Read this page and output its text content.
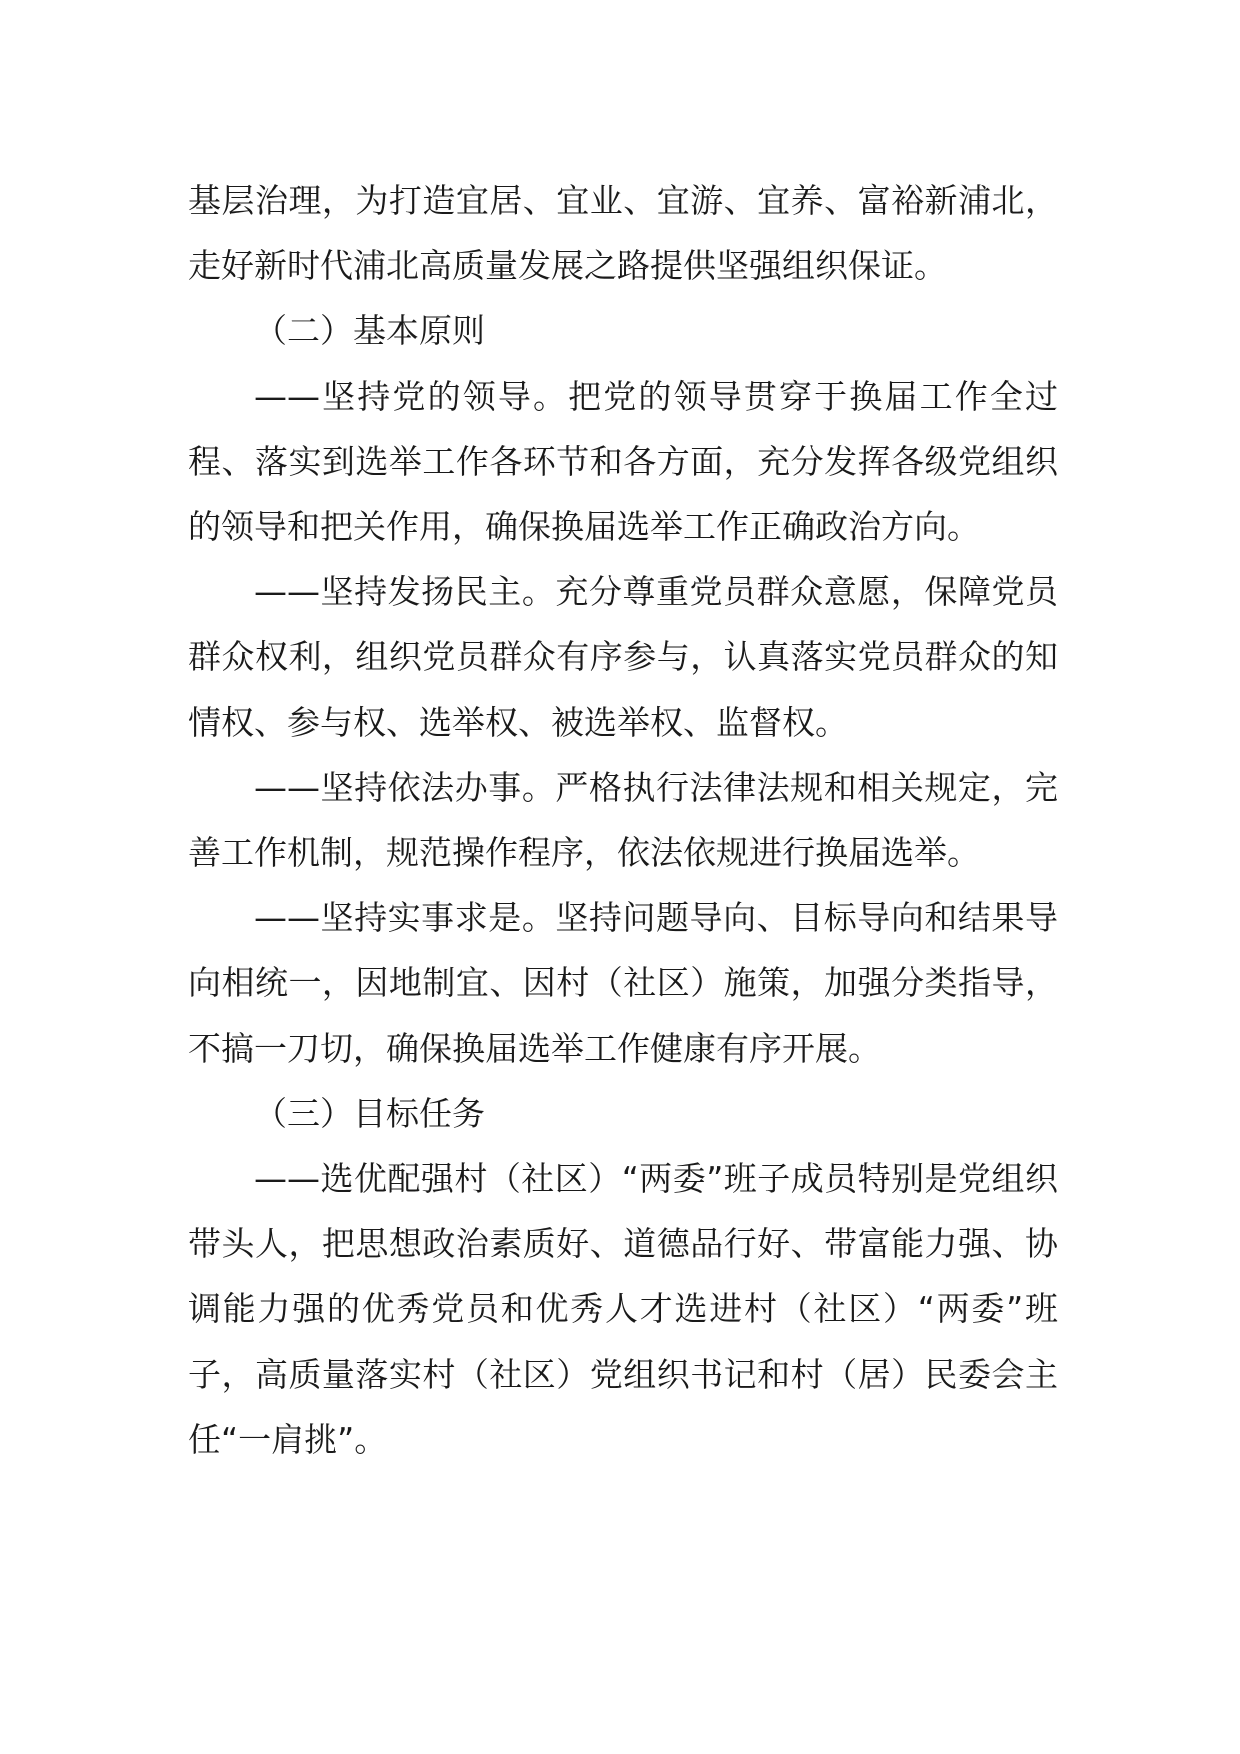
基层治理，为打造宜居、宜业、宜游、宜养、富裕新浦北，走好新时代浦北高质量发展之路提供坚强组织保证。

（二）基本原则

——坚持党的领导。把党的领导贯穿于换届工作全过程、落实到选举工作各环节和各方面，充分发挥各级党组织的领导和把关作用，确保换届选举工作正确政治方向。

——坚持发扬民主。充分尊重党员群众意愿，保障党员群众权利，组织党员群众有序参与，认真落实党员群众的知情权、参与权、选举权、被选举权、监督权。

——坚持依法办事。严格执行法律法规和相关规定，完善工作机制，规范操作程序，依法依规进行换届选举。

——坚持实事求是。坚持问题导向、目标导向和结果导向相统一，因地制宜、因村（社区）施策，加强分类指导，不搞一刀切，确保换届选举工作健康有序开展。

（三）目标任务

——选优配强村（社区）“两委”班子成员特别是党组织带头人，把思想政治素质好、道德品行好、带富能力强、协调能力强的优秀党员和优秀人才选进村（社区）“两委”班子，高质量落实村（社区）党组织书记和村（居）民委会主任“一肩挑”。
